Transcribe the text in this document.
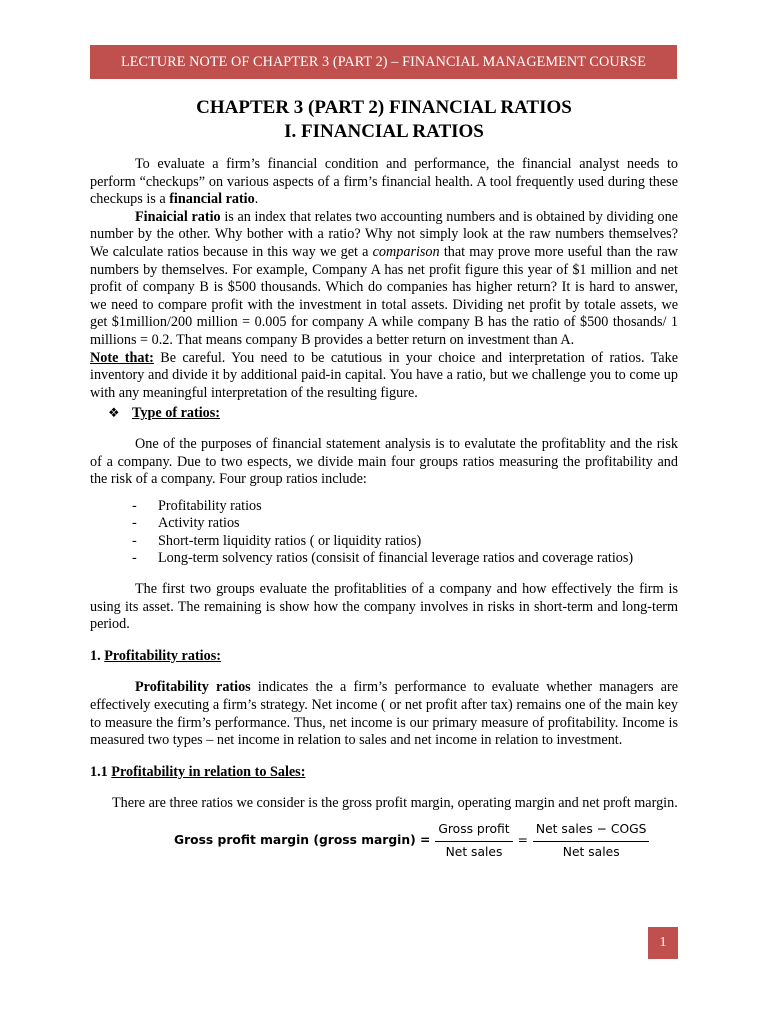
LECTURE NOTE OF CHAPTER 3 (PART 2) – FINANCIAL MANAGEMENT COURSE

CHAPTER 3 (PART 2) FINANCIAL RATIOS

I. FINANCIAL RATIOS

To evaluate a firm’s financial condition and performance, the financial analyst needs to perform “checkups” on various aspects of a firm’s financial health. A tool frequently used during these checkups is a financial ratio.

Finaicial ratio is an index that relates two accounting numbers and is obtained by dividing one number by the other. Why bother with a ratio? Why not simply look at the raw numbers themselves? We calculate ratios because in this way we get a comparison that may prove more useful than the raw numbers by themselves. For example, Company A has net profit figure this year of $1 million and net profit of company B is $500 thousands. Which do companies has higher return? It is hard to answer, we need to compare profit with the investment in total assets. Dividing net profit by totale assets, we get $1million/200 million = 0.005 for company A while company B has the ratio of $500 thosands/ 1 millions = 0.2. That means company B provides a better return on investment than A.

Note that: Be careful. You need to be catutious in your choice and interpretation of ratios. Take inventory and divide it by additional paid-in capital. You have a ratio, but we challenge you to come up with any meaningful interpretation of the resulting figure.

❖ Type of ratios:

One of the purposes of financial statement analysis is to evalutate the profitablity and the risk of a company. Due to two espects, we divide main four groups ratios measuring the profitability and the risk of a company. Four group ratios include:

-	Profitability ratios
-	Activity ratios
-	Short-term liquidity ratios ( or liquidity ratios)
-	Long-term solvency ratios (consisit of financial leverage ratios and coverage ratios)

The first two groups evaluate the profitablities of a company and how effectively the firm is using its asset. The remaining is show how the company involves in risks in short-term and long-term period.

1. Profitability ratios:

Profitability ratios indicates the a firm’s performance to evaluate whether managers are effectively executing a firm’s strategy. Net income ( or net profit after tax) remains one of the main key to measure the firm’s performance. Thus, net income is our primary measure of profitability. Income is measured two types – net income in relation to sales and net income in relation to investment.

1.1 Profitability in relation to Sales:

There are three ratios we consider is the gross profit margin, operating margin and net proft margin.

Gross profit margin (gross margin) = $\frac{\text{Gross profit}}{\text{Net sales}} = \frac{\text{Net sales − COGS}}{\text{Net sales}}$
1
